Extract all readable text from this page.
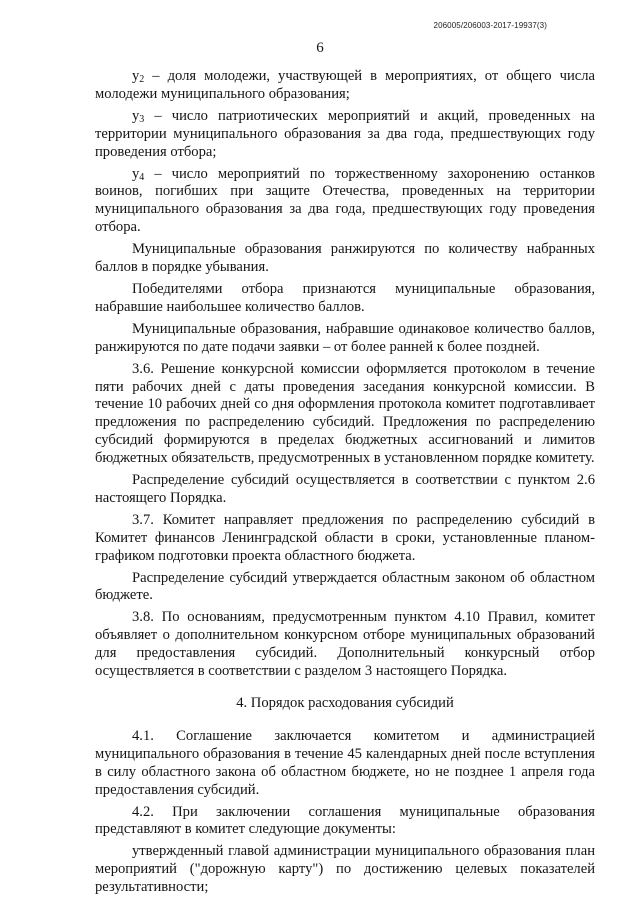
206005/206003-2017-19937(3)
6

$y_2$ – доля молодежи, участвующей в мероприятиях, от общего числа молодежи муниципального образования;

$y_3$ – число патриотических мероприятий и акций, проведенных на территории муниципального образования за два года, предшествующих году проведения отбора;

$y_4$ – число мероприятий по торжественному захоронению останков воинов, погибших при защите Отечества, проведенных на территории муниципального образования за два года, предшествующих году проведения отбора.

Муниципальные образования ранжируются по количеству набранных баллов в порядке убывания.

Победителями отбора признаются муниципальные образования, набравшие наибольшее количество баллов.

Муниципальные образования, набравшие одинаковое количество баллов, ранжируются по дате подачи заявки – от более ранней к более поздней.

3.6. Решение конкурсной комиссии оформляется протоколом в течение пяти рабочих дней с даты проведения заседания конкурсной комиссии. В течение 10 рабочих дней со дня оформления протокола комитет подготавливает предложения по распределению субсидий. Предложения по распределению субсидий формируются в пределах бюджетных ассигнований и лимитов бюджетных обязательств, предусмотренных в установленном порядке комитету.

Распределение субсидий осуществляется в соответствии с пунктом 2.6 настоящего Порядка.

3.7. Комитет направляет предложения по распределению субсидий в Комитет финансов Ленинградской области в сроки, установленные планом-графиком подготовки проекта областного бюджета.

Распределение субсидий утверждается областным законом об областном бюджете.

3.8. По основаниям, предусмотренным пунктом 4.10 Правил, комитет объявляет о дополнительном конкурсном отборе муниципальных образований для предоставления субсидий. Дополнительный конкурсный отбор осуществляется в соответствии с разделом 3 настоящего Порядка.

4. Порядок расходования субсидий

4.1. Соглашение заключается комитетом и администрацией муниципального образования в течение 45 календарных дней после вступления в силу областного закона об областном бюджете, но не позднее 1 апреля года предоставления субсидий.

4.2. При заключении соглашения муниципальные образования представляют в комитет следующие документы:

утвержденный главой администрации муниципального образования план мероприятий ("дорожную карту") по достижению целевых показателей результативности;
